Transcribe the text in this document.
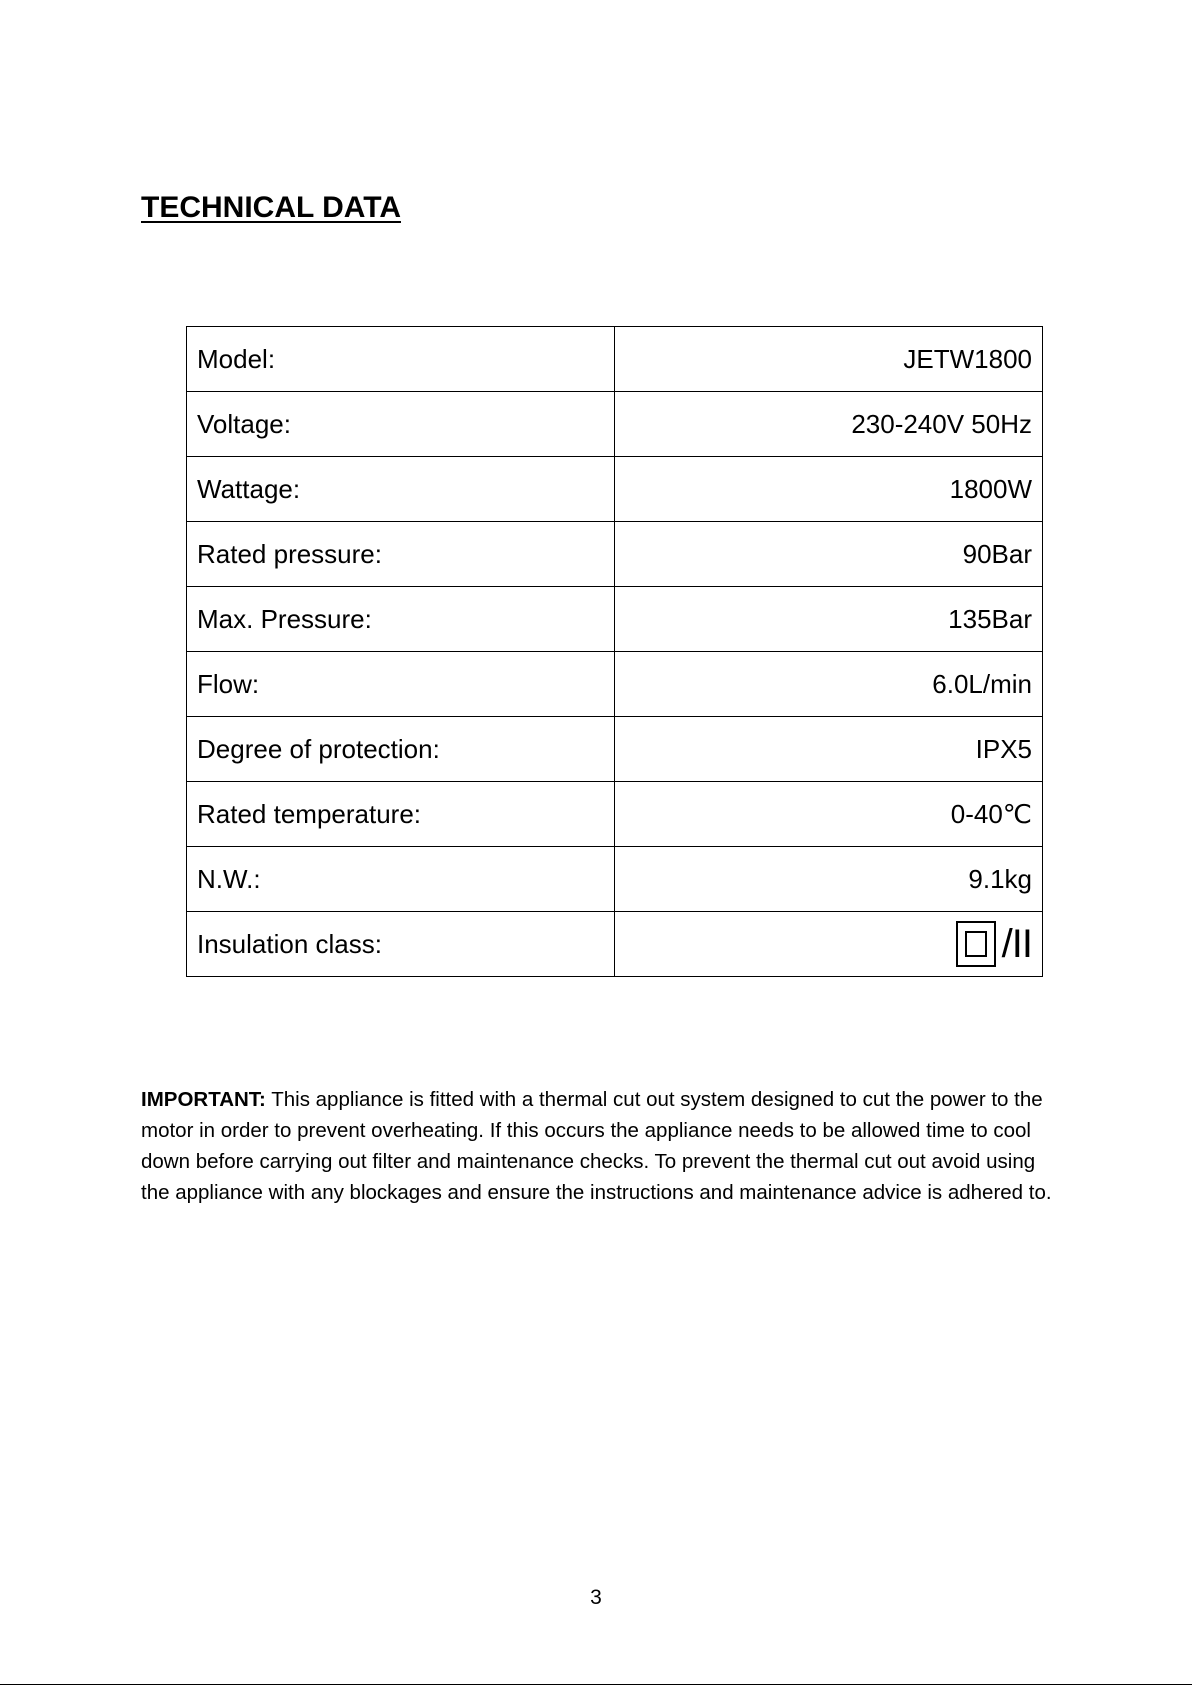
TECHNICAL DATA
Model:	JETW1800
Voltage:	230-240V 50Hz
Wattage:	1800W
Rated pressure:	90Bar
Max. Pressure:	135Bar
Flow:	6.0L/min
Degree of protection:	IPX5
Rated temperature:	0-40℃
N.W.:	9.1kg
Insulation class:	/II

IMPORTANT: This appliance is fitted with a thermal cut out system designed to cut the power to the motor in order to prevent overheating. If this occurs the appliance needs to be allowed time to cool down before carrying out filter and maintenance checks. To prevent the thermal cut out avoid using the appliance with any blockages and ensure the instructions and maintenance advice is adhered to.

3
